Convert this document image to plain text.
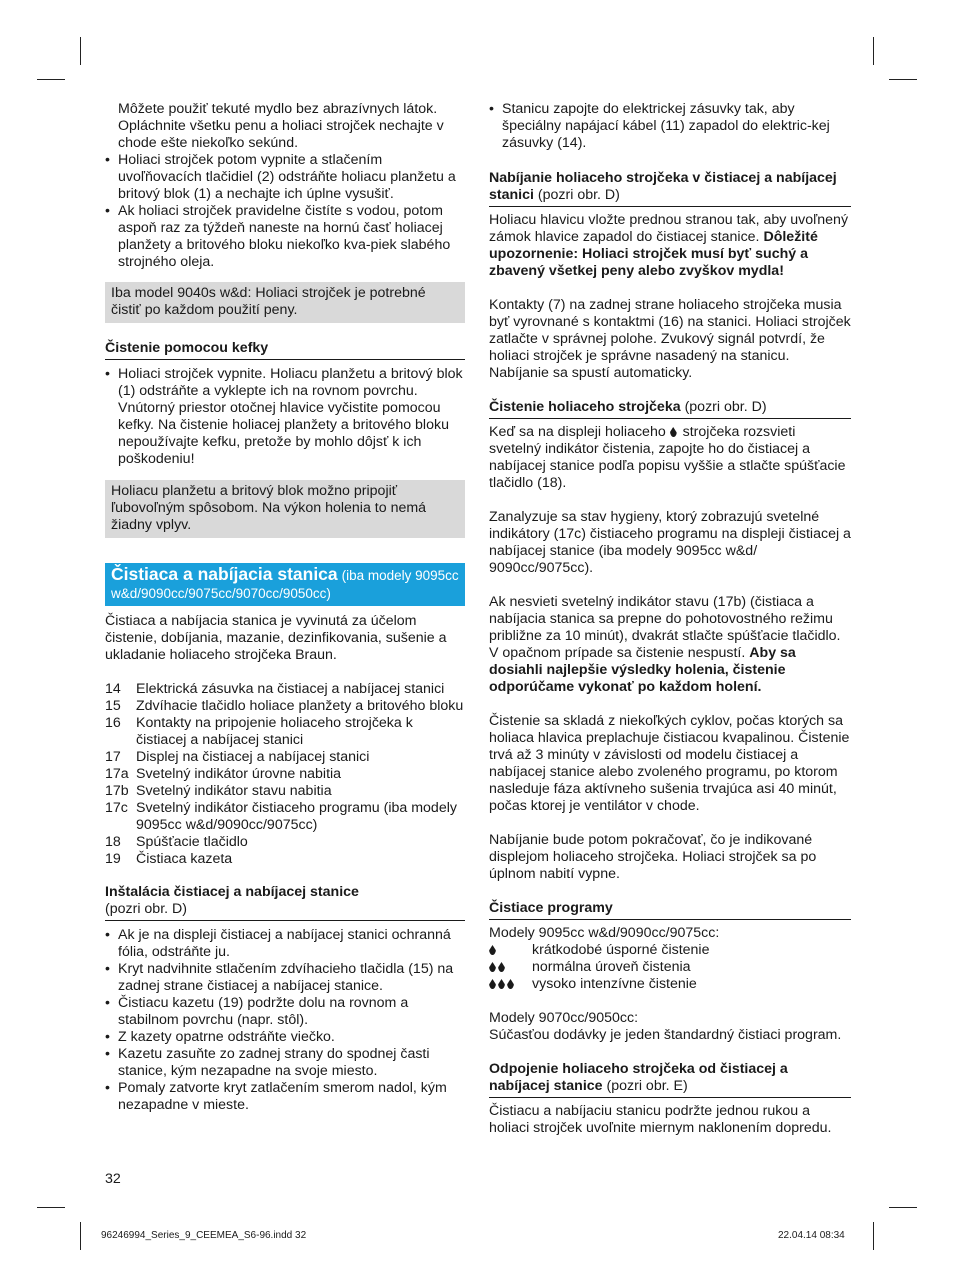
Môžete použiť tekuté mydlo bez abrazívnych látok. Opláchnite všetku penu a holiaci strojček nechajte v chode ešte niekoľko sekúnd.

• Holiaci strojček potom vypnite a stlačením uvoľňovacích tlačidiel (2) odstráňte holiacu planžetu a britový blok (1) a nechajte ich úplne vysušiť.
• Ak holiaci strojček pravidelne čistíte s vodou, potom aspoň raz za týždeň naneste na hornú časť holiacej planžety a britového bloku niekoľko kva-piek slabého strojného oleja.

Iba model 9040s w&d: Holiaci strojček je potrebné čistiť po každom použití peny.

Čistenie pomocou kefky

• Holiaci strojček vypnite. Holiacu planžetu a britový blok (1) odstráňte a vyklepte ich na rovnom povrchu. Vnútorný priestor otočnej hlavice vyčistite pomocou kefky. Na čistenie holiacej planžety a britového bloku nepoužívajte kefku, pretože by mohlo dôjsť k ich poškodeniu!

Holiacu planžetu a britový blok možno pripojiť ľubovoľným spôsobom. Na výkon holenia to nemá žiadny vplyv.

Čistiaca a nabíjacia stanica (iba modely 9095cc w&d/9090cc/9075cc/9070cc/9050cc)

Čistiaca a nabíjacia stanica je vyvinutá za účelom čistenie, dobíjania, mazanie, dezinfikovania, sušenie a ukladanie holiaceho strojčeka Braun.

14	Elektrická zásuvka na čistiacej a nabíjacej stanici
15	Zdvíhacie tlačidlo holiace planžety a britového bloku
16	Kontakty na pripojenie holiaceho strojčeka k čistiacej a nabíjacej stanici
17	Displej na čistiacej a nabíjacej stanici
17a Svetelný indikátor úrovne nabitia
17b Svetelný indikátor stavu nabitia
17c Svetelný indikátor čistiaceho programu (iba modely 9095cc w&d/9090cc/9075cc)
18	Spúšťacie tlačidlo
19	Čistiaca kazeta

Inštalácia čistiacej a nabíjacej stanice
(pozri obr. D)

• Ak je na displeji čistiacej a nabíjacej stanici ochranná fólia, odstráňte ju.
• Kryt nadvihnite stlačením zdvíhacieho tlačidla (15) na zadnej strane čistiacej a nabíjacej stanice.
• Čistiacu kazetu (19) podržte dolu na rovnom a stabilnom povrchu (napr. stôl).
• Z kazety opatrne odstráňte viečko.
• Kazetu zasuňte zo zadnej strany do spodnej časti stanice, kým nezapadne na svoje miesto.
• Pomaly zatvorte kryt zatlačením smerom nadol, kým nezapadne v mieste.
32
• Stanicu zapojte do elektrickej zásuvky tak, aby špeciálny napájací kábel (11) zapadol do elektric-kej zásuvky (14).

Nabíjanie holiaceho strojčeka v čistiacej a nabíjacej stanici (pozri obr. D)

Holiacu hlavicu vložte prednou stranou tak, aby uvoľnený zámok hlavice zapadol do čistiacej stanice. Dôležité upozornenie: Holiaci strojček musí byť suchý a zbavený všetkej peny alebo zvyškov mydla!

Kontakty (7) na zadnej strane holiaceho strojčeka musia byť vyrovnané s kontaktmi (16) na stanici. Holiaci strojček zatlačte v správnej polohe. Zvukový signál potvrdí, že holiaci strojček je správne nasadený na stanicu. Nabíjanie sa spustí automaticky.

Čistenie holiaceho strojčeka (pozri obr. D)

Keď sa na displeji holiaceho strojčeka rozsvieti svetelný indikátor čistenia, zapojte ho do čistiacej a nabíjacej stanice podľa popisu vyššie a stlačte spúšťacie tlačidlo (18).

Zanalyzuje sa stav hygieny, ktorý zobrazujú svetelné indikátory (17c) čistiaceho programu na displeji čistiacej a nabíjacej stanice (iba modely 9095cc w&d/ 9090cc/9075cc).

Ak nesvieti svetelný indikátor stavu (17b) (čistiaca a nabíjacia stanica sa prepne do pohotovostného režimu približne za 10 minút), dvakrát stlačte spúšťacie tlačidlo. V opačnom prípade sa čistenie nespustí. Aby sa dosiahli najlepšie výsledky holenia, čistenie odporúčame vykonať po každom holení.

Čistenie sa skladá z niekoľkých cyklov, počas ktorých sa holiaca hlavica preplachuje čistiacou kvapalinou. Čistenie trvá až 3 minúty v závislosti od modelu čistiacej a nabíjacej stanice alebo zvoleného programu, po ktorom nasleduje fáza aktívneho sušenia trvajúca asi 40 minút, počas ktorej je ventilátor v chode.

Nabíjanie bude potom pokračovať, čo je indikované displejom holiaceho strojčeka. Holiaci strojček sa po úplnom nabití vypne.

Čistiace programy

Modely 9095cc w&d/9090cc/9075cc:

krátkodobé úsporné čistenie
normálna úroveň čistenia
vysoko intenzívne čistenie

Modely 9070cc/9050cc:
Súčasťou dodávky je jeden štandardný čistiaci program.

Odpojenie holiaceho strojčeka od čistiacej a nabíjacej stanice (pozri obr. E)

Čistiacu a nabíjaciu stanicu podržte jednou rukou a holiaci strojček uvoľnite miernym naklonením dopredu.

96246994_Series_9_CEEMEA_S6-96.indd 32	22.04.14 08:34
